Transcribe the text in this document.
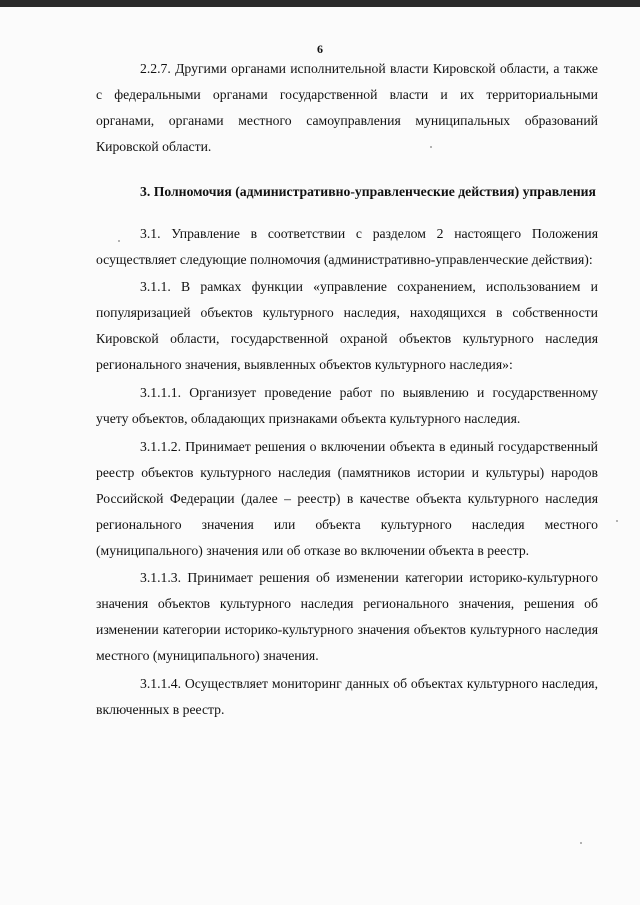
6

2.2.7. Другими органами исполнительной власти Кировской области, а также с федеральными органами государственной власти и их территориальными органами, органами местного самоуправления муниципальных образований Кировской области.

3. Полномочия (административно-управленческие действия) управления

3.1. Управление в соответствии с разделом 2 настоящего Положения осуществляет следующие полномочия (административно-управленческие действия):

3.1.1. В рамках функции «управление сохранением, использованием и популяризацией объектов культурного наследия, находящихся в собственности Кировской области, государственной охраной объектов культурного наследия регионального значения, выявленных объектов культурного наследия»:

3.1.1.1. Организует проведение работ по выявлению и государственному учету объектов, обладающих признаками объекта культурного наследия.

3.1.1.2. Принимает решения о включении объекта в единый государственный реестр объектов культурного наследия (памятников истории и культуры) народов Российской Федерации (далее – реестр) в качестве объекта культурного наследия регионального значения или объекта культурного наследия местного (муниципального) значения или об отказе во включении объекта в реестр.

3.1.1.3. Принимает решения об изменении категории историко-культурного значения объектов культурного наследия регионального значения, решения об изменении категории историко-культурного значения объектов культурного наследия местного (муниципального) значения.

3.1.1.4. Осуществляет мониторинг данных об объектах культурного наследия, включенных в реестр.
